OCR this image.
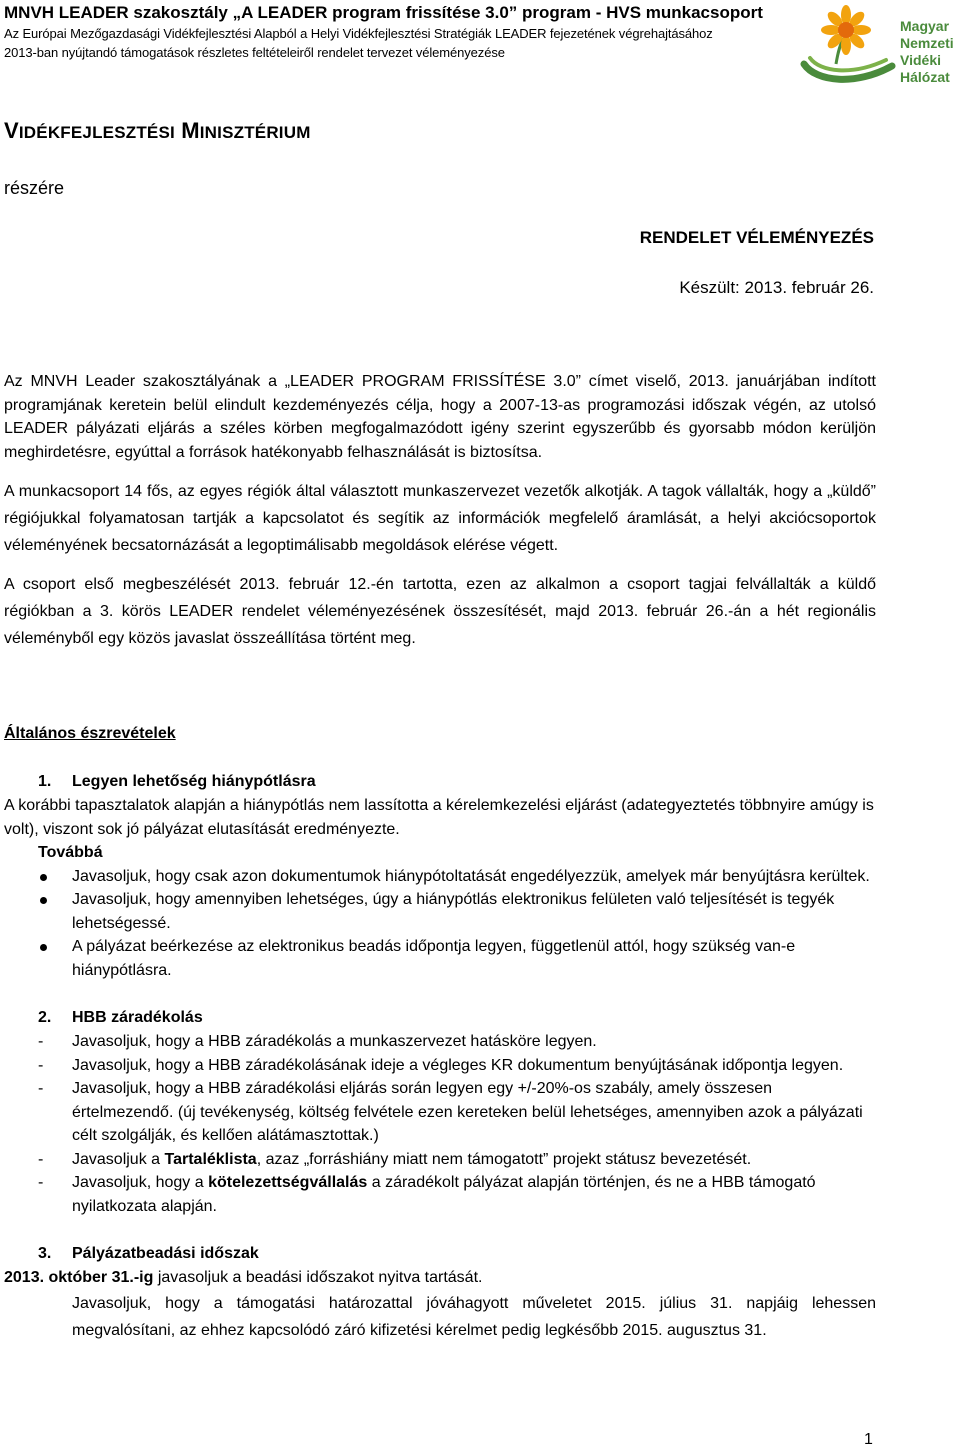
MNVH LEADER szakosztály „A LEADER program frissítése 3.0” program - HVS munkacsoport
Az Európai Mezőgazdasági Vidékfejlesztési Alapból a Helyi Vidékfejlesztési Stratégiák LEADER fejezetének végrehajtásához
2013-ban nyújtandó támogatások részletes feltételeiről rendelet tervezet véleményezése
Magyar
Nemzeti
Vidéki
Hálózat
VIDÉKFEJLESZTÉSI MINISZTÉRIUM
részére
RENDELET VÉLEMÉNYEZÉS
Készült: 2013. február 26.

Az MNVH Leader szakosztályának a „LEADER PROGRAM FRISSÍTÉSE 3.0” címet viselő, 2013. januárjában indított programjának keretein belül elindult kezdeményezés célja, hogy a 2007-13-as programozási időszak végén, az utolsó LEADER pályázati eljárás a széles körben megfogalmazódott igény szerint egyszerűbb és gyorsabb módon kerüljön meghirdetésre, egyúttal a források hatékonyabb felhasználását is biztosítsa.

A munkacsoport 14 fős, az egyes régiók által választott munkaszervezet vezetők alkotják. A tagok vállalták, hogy a „küldő” régiójukkal folyamatosan tartják a kapcsolatot és segítik az információk megfelelő áramlását, a helyi akciócsoportok véleményének becsatornázását a legoptimálisabb megoldások elérése végett.

A csoport első megbeszélését 2013. február 12.-én tartotta, ezen az alkalmon a csoport tagjai felvállalták a küldő régiókban a 3. körös LEADER rendelet véleményezésének összesítését, majd 2013. február 26.-án a hét regionális véleményből egy közös javaslat összeállítása történt meg.

Általános észrevételek
1.	Legyen lehetőség hiánypótlásra

A korábbi tapasztalatok alapján a hiánypótlás nem lassította a kérelemkezelési eljárást (adategyeztetés többnyire amúgy is volt), viszont sok jó pályázat elutasítását eredményezte.

Továbbá
Javasoljuk, hogy csak azon dokumentumok hiánypótoltatását engedélyezzük, amelyek már benyújtásra kerültek.
Javasoljuk, hogy amennyiben lehetséges, úgy a hiánypótlás elektronikus felületen való teljesítését is tegyék lehetségessé.
A pályázat beérkezése az elektronikus beadás időpontja legyen, függetlenül attól, hogy szükség van-e hiánypótlásra.
2.	HBB záradékolás
- Javasoljuk, hogy a HBB záradékolás a munkaszervezet hatásköre legyen.
- Javasoljuk, hogy a HBB záradékolásának ideje a végleges KR dokumentum benyújtásának időpontja legyen.
- Javasoljuk, hogy a HBB záradékolási eljárás során legyen egy +/-20%-os szabály, amely összesen értelmezendő. (új tevékenység, költség felvétele ezen kereteken belül lehetséges, amennyiben azok a pályázati célt szolgálják, és kellően alátámasztottak.)
- Javasoljuk a Tartaléklista, azaz „forráshiány miatt nem támogatott” projekt státusz bevezetését.
- Javasoljuk, hogy a kötelezettségvállalás a záradékolt pályázat alapján történjen, és ne a HBB támogató nyilatkozata alapján.
3.	Pályázatbeadási időszak
2013. október 31.-ig javasoljuk a beadási időszakot nyitva tartását.

Javasoljuk, hogy a támogatási határozattal jóváhagyott műveletet 2015. július 31. napjáig lehessen megvalósítani, az ehhez kapcsolódó záró kifizetési kérelmet pedig legkésőbb 2015. augusztus 31.

1
